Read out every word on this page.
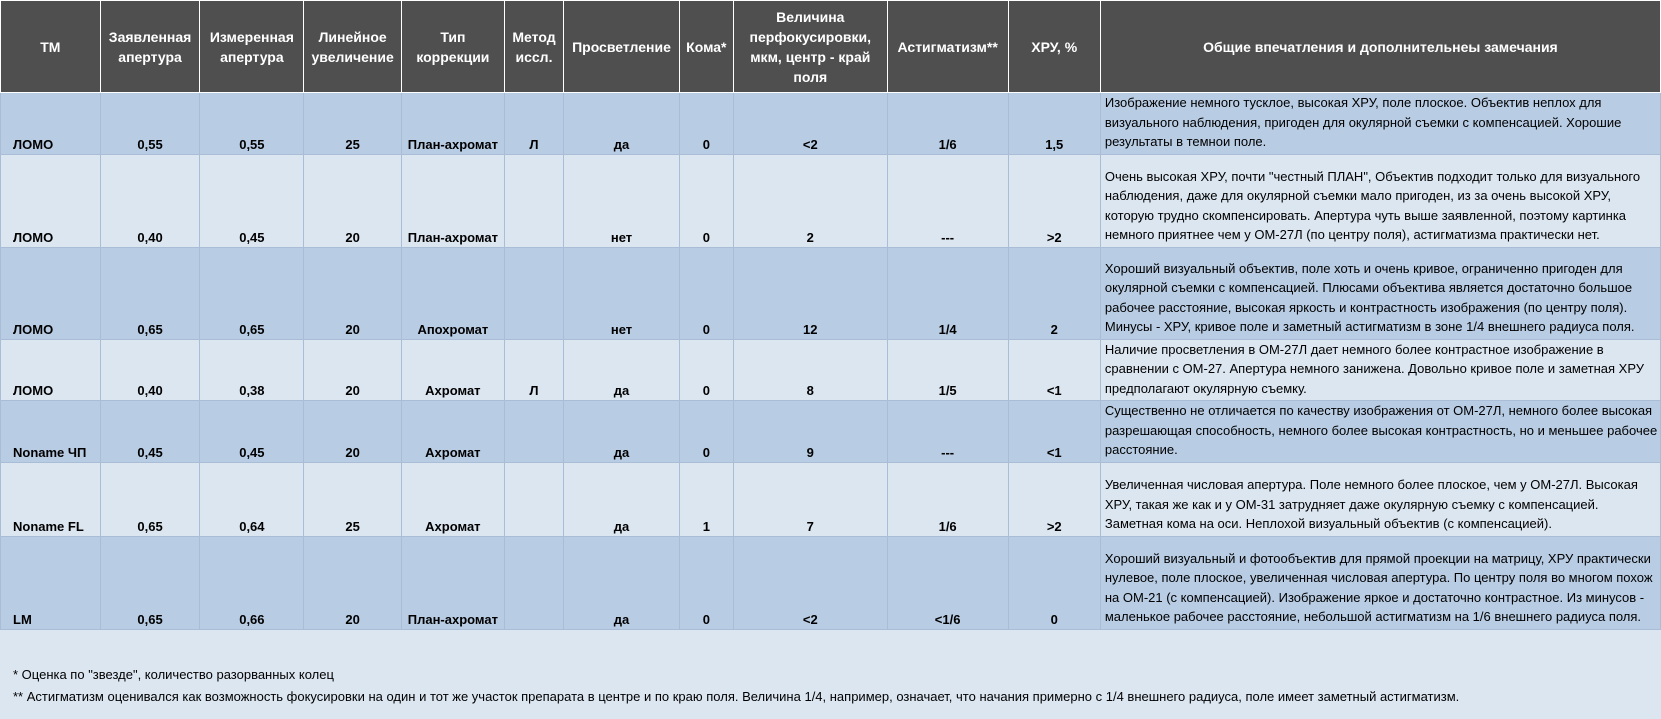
ТМ	Заявленная апертура	Измеренная апертура	Линейное увеличение	Тип коррекции	Метод иссл.	Просветление	Кома*	Величина перфокусировки, мкм, центр - край поля	Астигматизм**	ХРУ, %	Общие впечатления и дополнительнеы замечания
ЛОМО	0,55	0,55	25	План-ахромат	Л	да	0	<2	1/6	1,5	Изображение немного тусклое, высокая ХРУ, поле плоское. Объектив неплох для визуального наблюдения, пригоден для окулярной съемки с компенсацией. Хорошие результаты в темнои поле.
ЛОМО	0,40	0,45	20	План-ахромат		нет	0	2	---	>2	Очень высокая ХРУ, почти "честный ПЛАН", Объектив подходит только для визуального наблюдения, даже для окулярной съемки мало пригоден, из за очень высокой ХРУ, которую трудно скомпенсировать. Апертура чуть выше заявленной, поэтому картинка немного приятнее чем у ОМ-27Л (по центру поля), астигматизма практически нет.
ЛОМО	0,65	0,65	20	Апохромат		нет	0	12	1/4	2	Хороший визуальный объектив, поле хоть и очень кривое, ограниченно пригоден для окулярной съемки с компенсацией. Плюсами объектива является достаточно большое рабочее расстояние, высокая яркость и контрастность изображения (по центру поля). Минусы - ХРУ, кривое поле и заметный астигматизм в зоне 1/4 внешнего радиуса поля.
ЛОМО	0,40	0,38	20	Ахромат	Л	да	0	8	1/5	<1	Наличие просветления в ОМ-27Л дает немного более контрастное изображение в сравнении с ОМ-27. Апертура немного занижена. Довольно кривое поле и заметная ХРУ предполагают окулярную съемку.
Noname ЧП	0,45	0,45	20	Ахромат		да	0	9	---	<1	Существенно не отличается по качеству изображения от ОМ-27Л, немного более высокая разрешающая способность, немного более высокая контрастность, но и меньшее рабочее расстояние.
Noname FL	0,65	0,64	25	Ахромат		да	1	7	1/6	>2	Увеличенная числовая апертура. Поле немного более плоское, чем у ОМ-27Л. Высокая ХРУ, такая же как и у ОМ-31 затрудняет даже окулярную съемку с компенсацией. Заметная кома на оси. Неплохой визуальный объектив (с компенсацией).
LM	0,65	0,66	20	План-ахромат		да	0	<2	<1/6	0	Хороший визуальный и фотообъектив для прямой проекции на матрицу, ХРУ практически нулевое, поле плоское, увеличенная числовая апертура. По центру поля во многом похож на ОМ-21 (с компенсацией). Изображение яркое и достаточно контрастное. Из минусов - маленькое рабочее расстояние, небольшой астигматизм на 1/6 внешнего радиуса поля.
* Оценка по "звезде", количество разорванных колец
** Астигматизм оценивался как возможность фокусировки на один и тот же участок препарата в центре и по краю поля. Величина 1/4, например, означает, что начания примерно с 1/4 внешнего радиуса, поле имеет заметный астигматизм.
